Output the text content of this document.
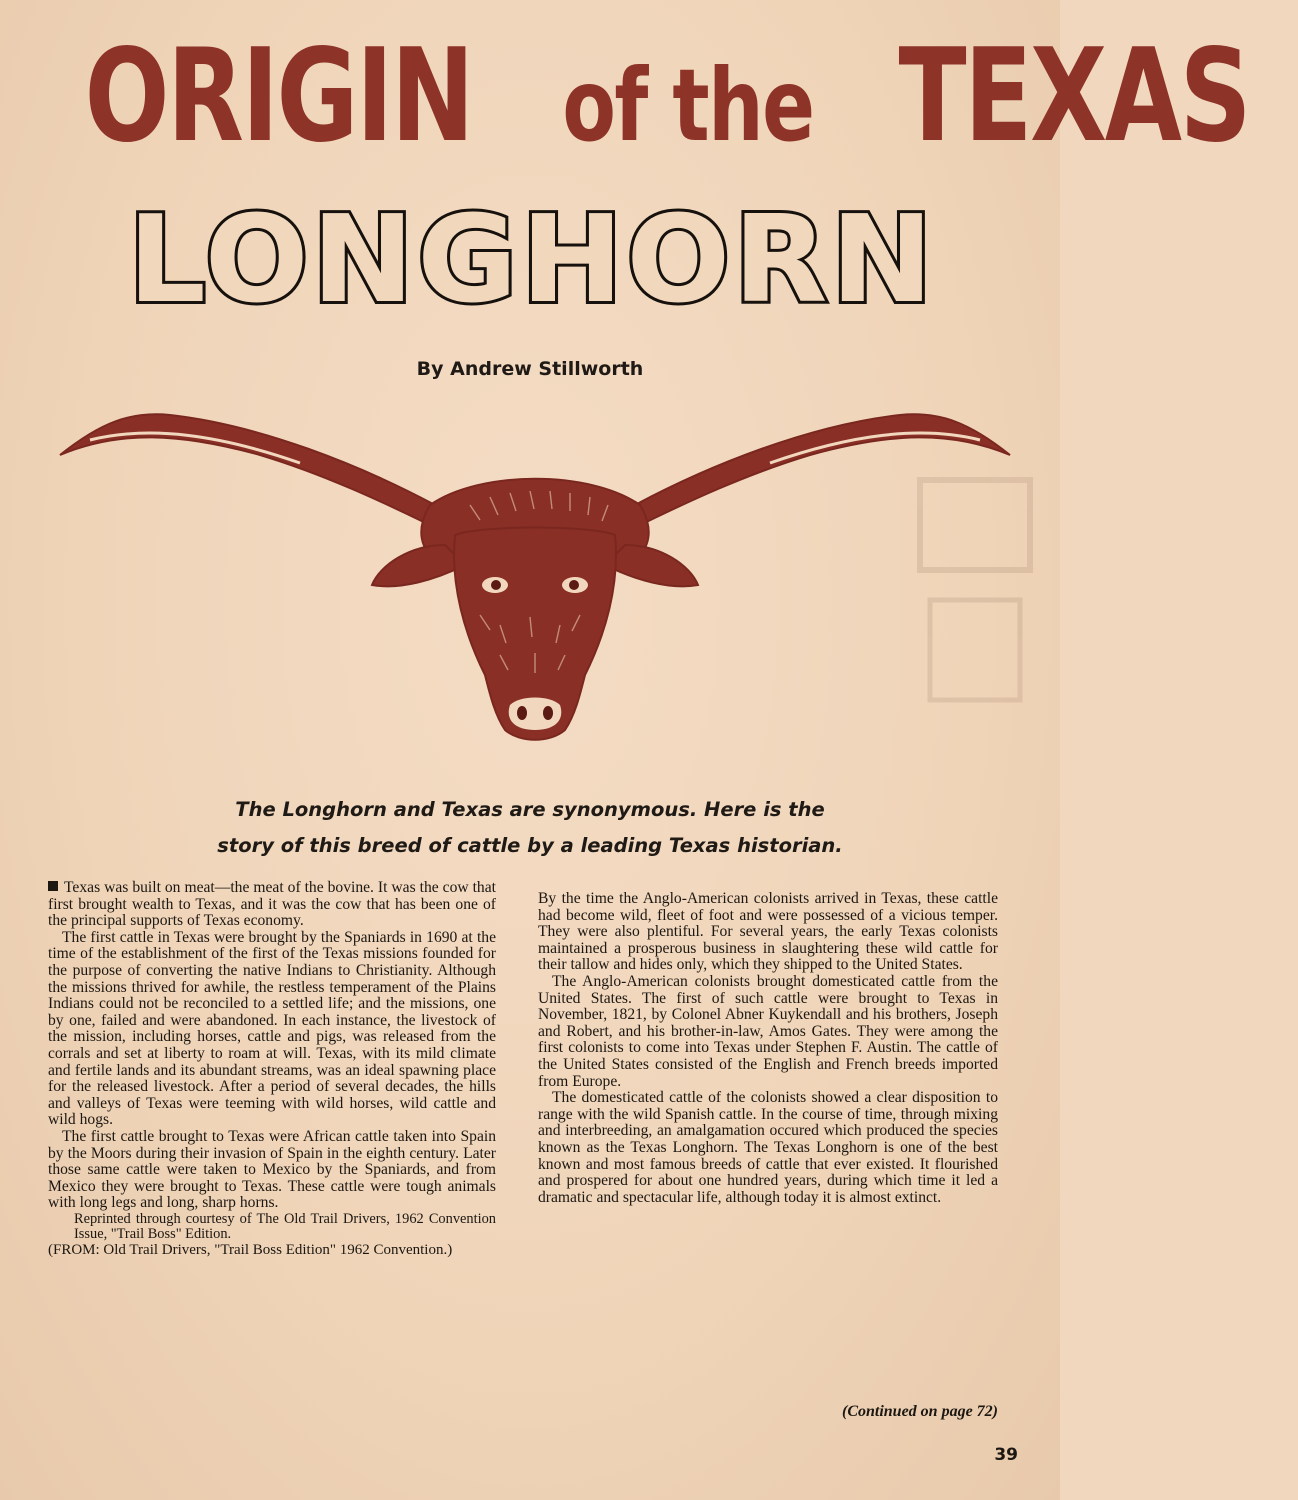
ORIGINof theTEXAS
LONGHORN
By Andrew Stillworth
The Longhorn and Texas are synonymous. Here is the
story of this breed of cattle by a leading Texas historian.

Texas was built on meat—the meat of the bovine. It was the cow that first brought wealth to Texas, and it was the cow that has been one of the principal supports of Texas economy.

The first cattle in Texas were brought by the Spaniards in 1690 at the time of the establishment of the first of the Texas missions founded for the purpose of converting the native Indians to Christianity. Although the missions thrived for awhile, the restless temperament of the Plains Indians could not be reconciled to a settled life; and the missions, one by one, failed and were abandoned. In each instance, the livestock of the mission, including horses, cattle and pigs, was released from the corrals and set at liberty to roam at will. Texas, with its mild climate and fertile lands and its abundant streams, was an ideal spawning place for the released livestock. After a period of several decades, the hills and valleys of Texas were teeming with wild horses, wild cattle and wild hogs.

The first cattle brought to Texas were African cattle taken into Spain by the Moors during their invasion of Spain in the eighth century. Later those same cattle were taken to Mexico by the Spaniards, and from Mexico they were brought to Texas. These cattle were tough animals with long legs and long, sharp horns.

Reprinted through courtesy of The Old Trail Drivers, 1962 Convention Issue, "Trail Boss" Edition.

(FROM: Old Trail Drivers, "Trail Boss Edition" 1962 Convention.)

By the time the Anglo-American colonists arrived in Texas, these cattle had become wild, fleet of foot and were possessed of a vicious temper. They were also plentiful. For several years, the early Texas colonists maintained a prosperous business in slaughtering these wild cattle for their tallow and hides only, which they shipped to the United States.

The Anglo-American colonists brought domesticated cattle from the United States. The first of such cattle were brought to Texas in November, 1821, by Colonel Abner Kuykendall and his brothers, Joseph and Robert, and his brother-in-law, Amos Gates. They were among the first colonists to come into Texas under Stephen F. Austin. The cattle of the United States consisted of the English and French breeds imported from Europe.

The domesticated cattle of the colonists showed a clear disposition to range with the wild Spanish cattle. In the course of time, through mixing and interbreeding, an amalgamation occured which produced the species known as the Texas Longhorn. The Texas Longhorn is one of the best known and most famous breeds of cattle that ever existed. It flourished and prospered for about one hundred years, during which time it led a dramatic and spectacular life, although today it is almost extinct.

(Continued on page 72)
39
